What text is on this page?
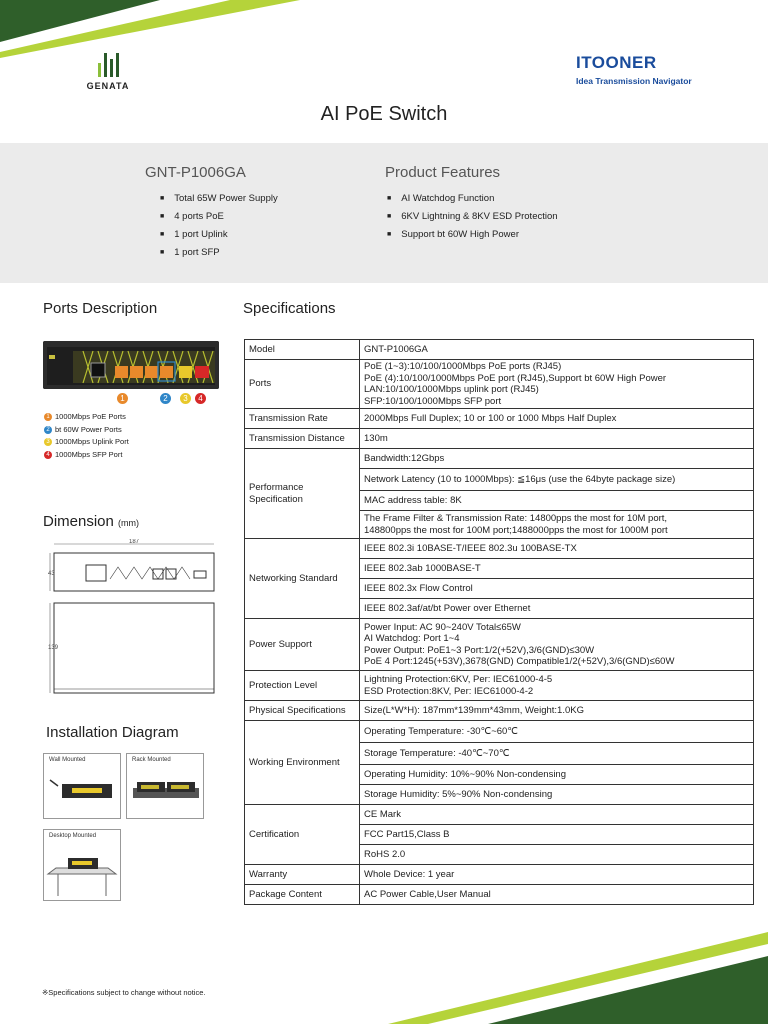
GENATA
ITOONER
Idea Transmission Navigator
AI PoE Switch
GNT-P1006GA
■ Total 65W Power Supply
■ 4 ports PoE
■ 1 port Uplink
■ 1 port SFP
Product Features
■ AI Watchdog Function
■ 6KV Lightning & 8KV ESD Protection
■ Support bt 60W High Power
Ports Description	Specifications
1	2	3	4
1 1000Mbps PoE Ports
2 bt 60W Power Ports
3 1000Mbps Uplink Port
4 1000Mbps SFP Port
Dimension (mm)
187
43
139
Installation Diagram
Wall Mounted	Rack Mounted
Desktop Mounted
Model	GNT-P1006GA
Ports	PoE (1~3):10/100/1000Mbps PoE ports (RJ45)
PoE (4):10/100/1000Mbps PoE port (RJ45),Support bt 60W High Power
LAN:10/100/1000Mbps uplink port (RJ45)
SFP:10/100/1000Mbps SFP port
Transmission Rate	2000Mbps Full Duplex; 10 or 100 or 1000 Mbps Half Duplex
Transmission Distance	130m
Performance Specification	Bandwidth:12Gbps
	Network Latency (10 to 1000Mbps): ≦16μs (use the 64byte package size)
	MAC address table: 8K
	The Frame Filter & Transmission Rate: 14800pps the most for 10M port,
148800pps the most for 100M port;1488000pps the most for 1000M port
Networking Standard	IEEE 802.3i 10BASE-T/IEEE 802.3u 100BASE-TX
	IEEE 802.3ab 1000BASE-T
	IEEE 802.3x Flow Control
	IEEE 802.3af/at/bt Power over Ethernet
Power Support	Power Input: AC 90~240V Total≤65W
AI Watchdog: Port 1~4
Power Output: PoE1~3 Port:1/2(+52V),3/6(GND)≤30W
PoE 4 Port:1245(+53V),3678(GND) Compatible1/2(+52V),3/6(GND)≤60W
Protection Level	Lightning Protection:6KV, Per: IEC61000-4-5
ESD Protection:8KV, Per: IEC61000-4-2
Physical Specifications	Size(L*W*H): 187mm*139mm*43mm, Weight:1.0KG
Working Environment	Operating Temperature: -30℃~60℃
	Storage Temperature: -40℃~70℃
	Operating Humidity: 10%~90% Non-condensing
	Storage Humidity: 5%~90% Non-condensing
Certification	CE Mark
	FCC Part15,Class B
	RoHS 2.0
Warranty	Whole Device: 1 year
Package Content	AC Power Cable,User Manual
※Specifications subject to change without notice.
